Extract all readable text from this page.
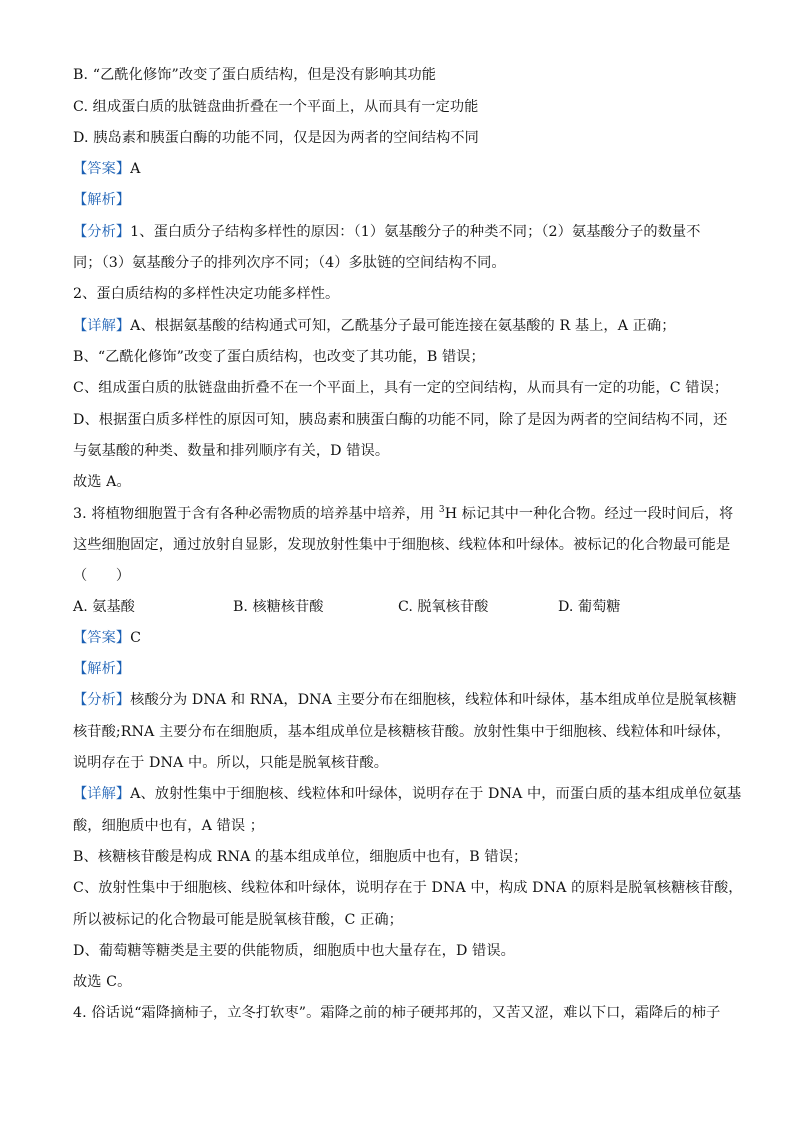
B. “乙酰化修饰”改变了蛋白质结构，但是没有影响其功能
C. 组成蛋白质的肽链盘曲折叠在一个平面上，从而具有一定功能
D. 胰岛素和胰蛋白酶的功能不同，仅是因为两者的空间结构不同
【答案】A
【解析】
【分析】1、蛋白质分子结构多样性的原因：（1）氨基酸分子的种类不同；（2）氨基酸分子的数量不
同；（3）氨基酸分子的排列次序不同；（4）多肽链的空间结构不同。
2、蛋白质结构的多样性决定功能多样性。
【详解】A、根据氨基酸的结构通式可知，乙酰基分子最可能连接在氨基酸的 R 基上，A 正确；
B、“乙酰化修饰”改变了蛋白质结构，也改变了其功能，B 错误；
C、组成蛋白质的肽链盘曲折叠不在一个平面上，具有一定的空间结构，从而具有一定的功能，C 错误；
D、根据蛋白质多样性的原因可知，胰岛素和胰蛋白酶的功能不同，除了是因为两者的空间结构不同，还
与氨基酸的种类、数量和排列顺序有关，D 错误。
故选 A。
3. 将植物细胞置于含有各种必需物质的培养基中培养，用 $^3$H 标记其中一种化合物。经过一段时间后，将
这些细胞固定，通过放射自显影，发现放射性集中于细胞核、线粒体和叶绿体。被标记的化合物最可能是
（　　）
A. 氨基酸	B. 核糖核苷酸	C. 脱氧核苷酸	D. 葡萄糖
【答案】C
【解析】
【分析】核酸分为 DNA 和 RNA，DNA 主要分布在细胞核，线粒体和叶绿体，基本组成单位是脱氧核糖
核苷酸;RNA 主要分布在细胞质，基本组成单位是核糖核苷酸。放射性集中于细胞核、线粒体和叶绿体，
说明存在于 DNA 中。所以，只能是脱氧核苷酸。
【详解】A、放射性集中于细胞核、线粒体和叶绿体，说明存在于 DNA 中，而蛋白质的基本组成单位氨基
酸，细胞质中也有，A 错误 ；
B、核糖核苷酸是构成 RNA 的基本组成单位，细胞质中也有，B 错误；
C、放射性集中于细胞核、线粒体和叶绿体，说明存在于 DNA 中，构成 DNA 的原料是脱氧核糖核苷酸，
所以被标记的化合物最可能是脱氧核苷酸，C 正确；
D、葡萄糖等糖类是主要的供能物质，细胞质中也大量存在，D 错误。
故选 C。
4. 俗话说“霜降摘柿子，立冬打软枣”。霜降之前的柿子硬邦邦的，又苦又涩，难以下口，霜降后的柿子
